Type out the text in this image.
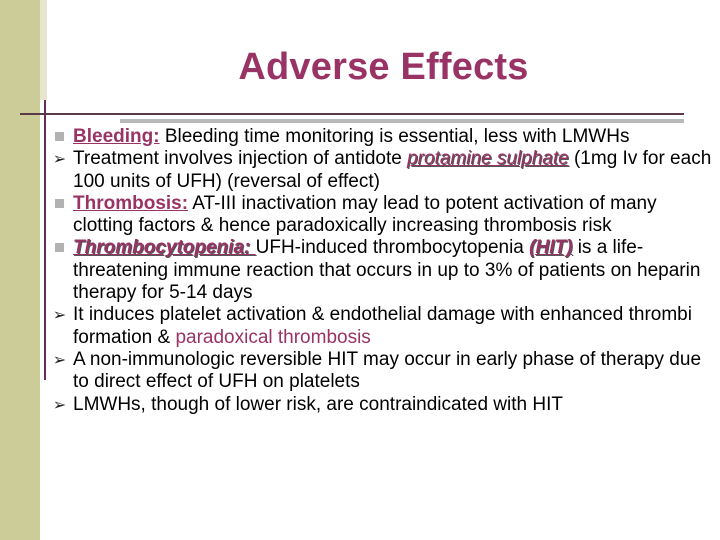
Adverse Effects
Bleeding: Bleeding time monitoring is essential, less with LMWHs
➢ Treatment involves injection of antidote protamine sulphate (1mg Iv for each 100 units of UFH) (reversal of effect)
Thrombosis: AT-III inactivation may lead to potent activation of many clotting factors & hence paradoxically increasing thrombosis risk
Thrombocytopenia: UFH-induced thrombocytopenia (HIT) is a life-threatening immune reaction that occurs in up to 3% of patients on heparin therapy for 5-14 days
➢ It induces platelet activation & endothelial damage with enhanced thrombi formation & paradoxical thrombosis
➢ A non-immunologic reversible HIT may occur in early phase of therapy due to direct effect of UFH on platelets
➢ LMWHs, though of lower risk, are contraindicated with HIT
